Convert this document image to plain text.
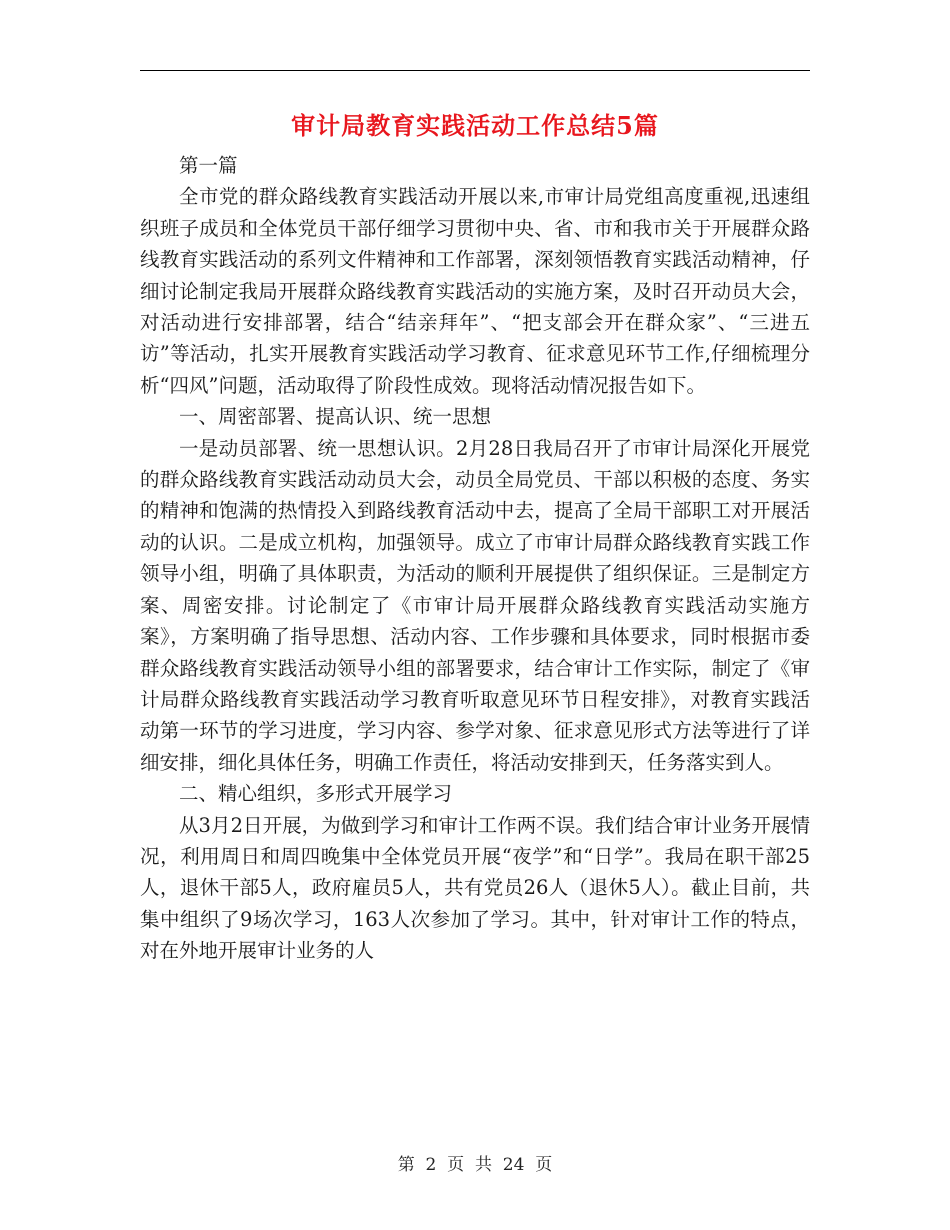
审计局教育实践活动工作总结5篇

第一篇

全市党的群众路线教育实践活动开展以来,市审计局党组高度重视,迅速组织班子成员和全体党员干部仔细学习贯彻中央、省、市和我市关于开展群众路线教育实践活动的系列文件精神和工作部署，深刻领悟教育实践活动精神，仔细讨论制定我局开展群众路线教育实践活动的实施方案，及时召开动员大会，对活动进行安排部署，结合“结亲拜年”、“把支部会开在群众家”、“三进五访”等活动，扎实开展教育实践活动学习教育、征求意见环节工作,仔细梳理分析“四风”问题，活动取得了阶段性成效。现将活动情况报告如下。

一、周密部署、提高认识、统一思想

一是动员部署、统一思想认识。2月28日我局召开了市审计局深化开展党的群众路线教育实践活动动员大会，动员全局党员、干部以积极的态度、务实的精神和饱满的热情投入到路线教育活动中去，提高了全局干部职工对开展活动的认识。二是成立机构，加强领导。成立了市审计局群众路线教育实践工作领导小组，明确了具体职责，为活动的顺利开展提供了组织保证。三是制定方案、周密安排。讨论制定了《市审计局开展群众路线教育实践活动实施方案》，方案明确了指导思想、活动内容、工作步骤和具体要求，同时根据市委群众路线教育实践活动领导小组的部署要求，结合审计工作实际，制定了《审计局群众路线教育实践活动学习教育听取意见环节日程安排》，对教育实践活动第一环节的学习进度，学习内容、参学对象、征求意见形式方法等进行了详细安排，细化具体任务，明确工作责任，将活动安排到天，任务落实到人。

二、精心组织，多形式开展学习

从3月2日开展，为做到学习和审计工作两不误。我们结合审计业务开展情况，利用周日和周四晚集中全体党员开展“夜学”和“日学”。我局在职干部25人，退休干部5人，政府雇员5人，共有党员26人（退休5人）。截止目前，共集中组织了9场次学习，163人次参加了学习。其中，针对审计工作的特点，对在外地开展审计业务的人

第  2  页  共  24  页
